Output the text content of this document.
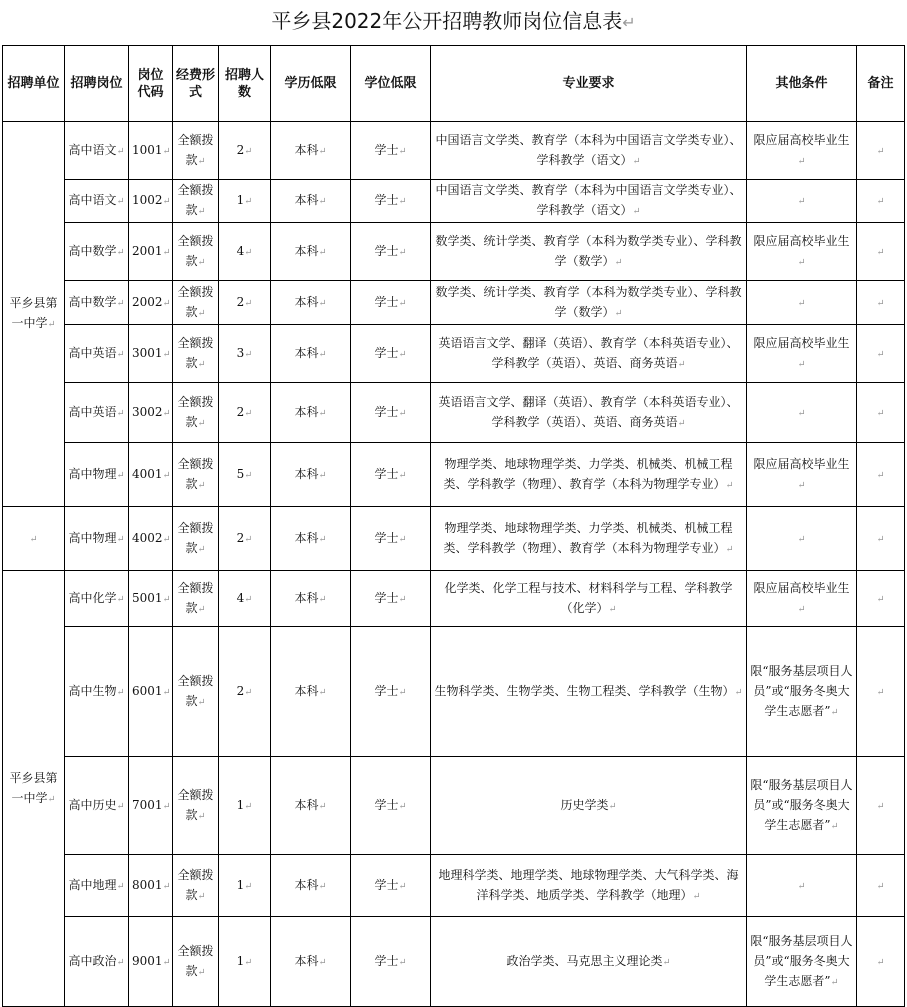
平乡县2022年公开招聘教师岗位信息表↵
招聘单位	招聘岗位	岗位代码	经费形式	招聘人数	学历低限	学位低限	专业要求	其他条件	备注
平乡县第一中学↵	高中语文↵	1001↵	全额拨款↵	2↵	本科↵	学士↵	中国语言文学类、教育学（本科为中国语言文学类专业）、学科教学（语文）↵	限应届高校毕业生↵	↵
	高中语文↵	1002↵	全额拨款↵	1↵	本科↵	学士↵	中国语言文学类、教育学（本科为中国语言文学类专业）、学科教学（语文）↵	↵	↵
	高中数学↵	2001↵	全额拨款↵	4↵	本科↵	学士↵	数学类、统计学类、教育学（本科为数学类专业）、学科教学（数学）↵	限应届高校毕业生↵	↵
	高中数学↵	2002↵	全额拨款↵	2↵	本科↵	学士↵	数学类、统计学类、教育学（本科为数学类专业）、学科教学（数学）↵	↵	↵
	高中英语↵	3001↵	全额拨款↵	3↵	本科↵	学士↵	英语语言文学、翻译（英语）、教育学（本科英语专业）、学科教学（英语）、英语、商务英语↵	限应届高校毕业生↵	↵
	高中英语↵	3002↵	全额拨款↵	2↵	本科↵	学士↵	英语语言文学、翻译（英语）、教育学（本科英语专业）、学科教学（英语）、英语、商务英语↵	↵	↵
	高中物理↵	4001↵	全额拨款↵	5↵	本科↵	学士↵	物理学类、地球物理学类、力学类、机械类、机械工程类、学科教学（物理）、教育学（本科为物理学专业）↵	限应届高校毕业生↵	↵
↵	高中物理↵	4002↵	全额拨款↵	2↵	本科↵	学士↵	物理学类、地球物理学类、力学类、机械类、机械工程类、学科教学（物理）、教育学（本科为物理学专业）↵	↵	↵
平乡县第一中学↵	高中化学↵	5001↵	全额拨款↵	4↵	本科↵	学士↵	化学类、化学工程与技术、材料科学与工程、学科教学（化学）↵	限应届高校毕业生↵	↵
	高中生物↵	6001↵	全额拨款↵	2↵	本科↵	学士↵	生物科学类、生物学类、生物工程类、学科教学（生物）↵	限“服务基层项目人员”或“服务冬奥大学生志愿者”↵	↵
	高中历史↵	7001↵	全额拨款↵	1↵	本科↵	学士↵	历史学类↵	限“服务基层项目人员”或“服务冬奥大学生志愿者”↵	↵
	高中地理↵	8001↵	全额拨款↵	1↵	本科↵	学士↵	地理科学类、地理学类、地球物理学类、大气科学类、海洋科学类、地质学类、学科教学（地理）↵	↵	↵
	高中政治↵	9001↵	全额拨款↵	1↵	本科↵	学士↵	政治学类、马克思主义理论类↵	限“服务基层项目人员”或“服务冬奥大学生志愿者”↵	↵
